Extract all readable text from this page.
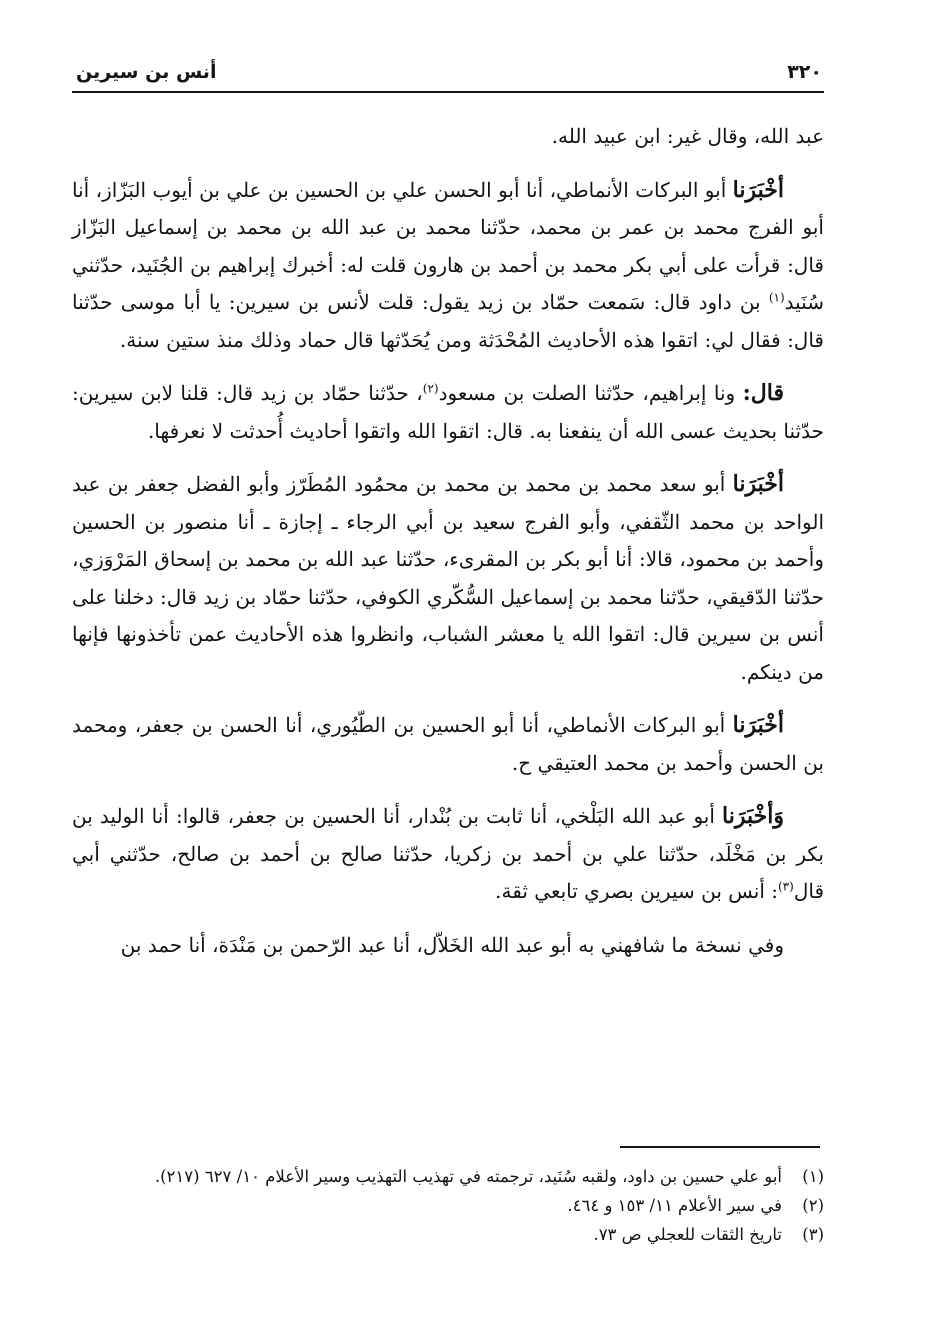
٣٢٠
أنس بن سيرين

عبد الله، وقال غير: ابن عبيد الله.

أخْبَرَنا أبو البركات الأنماطي، أنا أبو الحسن علي بن الحسين بن علي بن أيوب البَزّاز، أنا أبو الفرج محمد بن عمر بن محمد، حدّثنا محمد بن عبد الله بن محمد بن إسماعيل البَزّاز قال: قرأت على أبي بكر محمد بن أحمد بن هارون قلت له: أخبرك إبراهيم بن الجُنَيد، حدّثني سُنَيد$^{(١)}$ بن داود قال: سَمعت حمّاد بن زيد يقول: قلت لأنس بن سيرين: يا أبا موسى حدّثنا قال: فقال لي: اتقوا هذه الأحاديث المُحْدَثة ومن يُحَدّثها قال حماد وذلك منذ ستين سنة.

قال: ونا إبراهيم، حدّثنا الصلت بن مسعود$^{(٢)}$، حدّثنا حمّاد بن زيد قال: قلنا لابن سيرين: حدّثنا بحديث عسى الله أن ينفعنا به. قال: اتقوا الله واتقوا أحاديث أُحدثت لا نعرفها.

أخْبَرَنا أبو سعد محمد بن محمد بن محمد بن محمُود المُطَرّز وأبو الفضل جعفر بن عبد الواحد بن محمد الثّقفي، وأبو الفرج سعيد بن أبي الرجاء ـ إجازة ـ أنا منصور بن الحسين وأحمد بن محمود، قالا: أنا أبو بكر بن المقرىء، حدّثنا عبد الله بن محمد بن إسحاق المَرْوَزي، حدّثنا الدّقيقي، حدّثنا محمد بن إسماعيل السُّكّري الكوفي، حدّثنا حمّاد بن زيد قال: دخلنا على أنس بن سيرين قال: اتقوا الله يا معشر الشباب، وانظروا هذه الأحاديث عمن تأخذونها فإنها من دينكم.

أخْبَرَنا أبو البركات الأنماطي، أنا أبو الحسين بن الطّيُوري، أنا الحسن بن جعفر، ومحمد بن الحسن وأحمد بن محمد العتيقي ح.

وَأخْبَرَنا أبو عبد الله البَلْخي، أنا ثابت بن بُنْدار، أنا الحسين بن جعفر، قالوا: أنا الوليد بن بكر بن مَخْلَد، حدّثنا علي بن أحمد بن زكريا، حدّثنا صالح بن أحمد بن صالح، حدّثني أبي قال$^{(٣)}$: أنس بن سيرين بصري تابعي ثقة.

وفي نسخة ما شافهني به أبو عبد الله الخَلاّل، أنا عبد الرّحمن بن مَنْدَة، أنا حمد بن

(١)أبو علي حسين بن داود، ولقبه سُنَيد، ترجمته في تهذيب التهذيب وسير الأعلام ١٠/ ٦٢٧ (٢١٧).
(٢)في سير الأعلام ١١/ ١٥٣ و ٤٦٤.
(٣)تاريخ الثقات للعجلي ص ٧٣.
